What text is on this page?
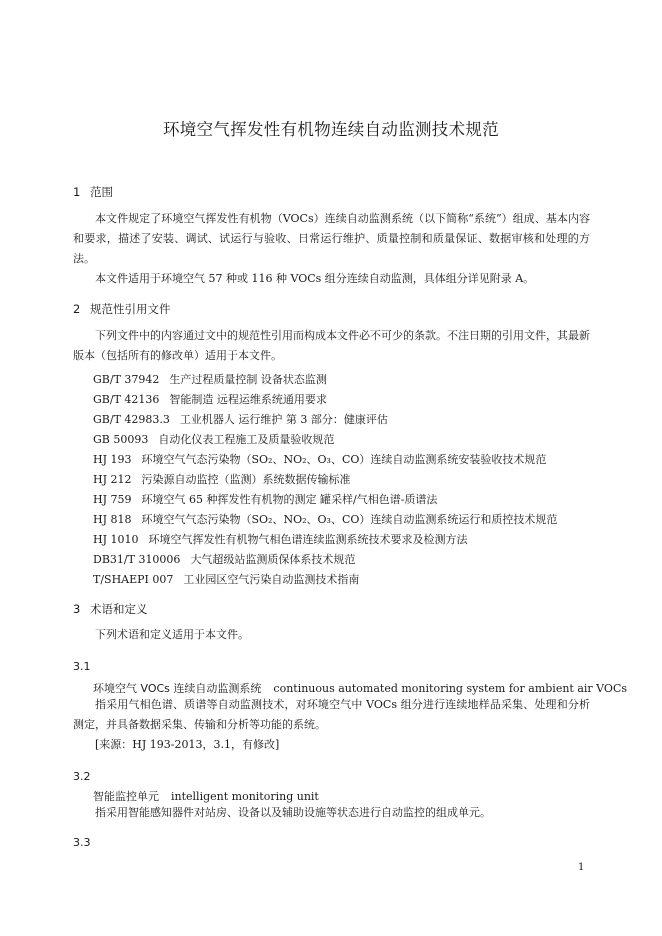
环境空气挥发性有机物连续自动监测技术规范
1 范围
本文件规定了环境空气挥发性有机物（VOCs）连续自动监测系统（以下简称“系统”）组成、基本内容和要求，描述了安装、调试、试运行与验收、日常运行维护、质量控制和质量保证、数据审核和处理的方法。
本文件适用于环境空气 57 种或 116 种 VOCs 组分连续自动监测，具体组分详见附录 A。
2 规范性引用文件
下列文件中的内容通过文中的规范性引用而构成本文件必不可少的条款。不注日期的引用文件，其最新版本（包括所有的修改单）适用于本文件。
GB/T 37942 生产过程质量控制 设备状态监测
GB/T 42136 智能制造 远程运维系统通用要求
GB/T 42983.3 工业机器人 运行维护 第 3 部分：健康评估
GB 50093 自动化仪表工程施工及质量验收规范
HJ 193 环境空气气态污染物（SO₂、NO₂、O₃、CO）连续自动监测系统安装验收技术规范
HJ 212 污染源自动监控（监测）系统数据传输标准
HJ 759 环境空气 65 种挥发性有机物的测定 罐采样/气相色谱-质谱法
HJ 818 环境空气气态污染物（SO₂、NO₂、O₃、CO）连续自动监测系统运行和质控技术规范
HJ 1010 环境空气挥发性有机物气相色谱连续监测系统技术要求及检测方法
DB31/T 310006 大气超级站监测质保体系技术规范
T/SHAEPI 007 工业园区空气污染自动监测技术指南
3 术语和定义
下列术语和定义适用于本文件。
3.1
环境空气 VOCs 连续自动监测系统 continuous automated monitoring system for ambient air VOCs
指采用气相色谱、质谱等自动监测技术，对环境空气中 VOCs 组分进行连续地样品采集、处理和分析测定，并具备数据采集、传输和分析等功能的系统。
[来源：HJ 193-2013，3.1，有修改]
3.2
智能监控单元 intelligent monitoring unit
指采用智能感知器件对站房、设备以及辅助设施等状态进行自动监控的组成单元。
3.3
1
